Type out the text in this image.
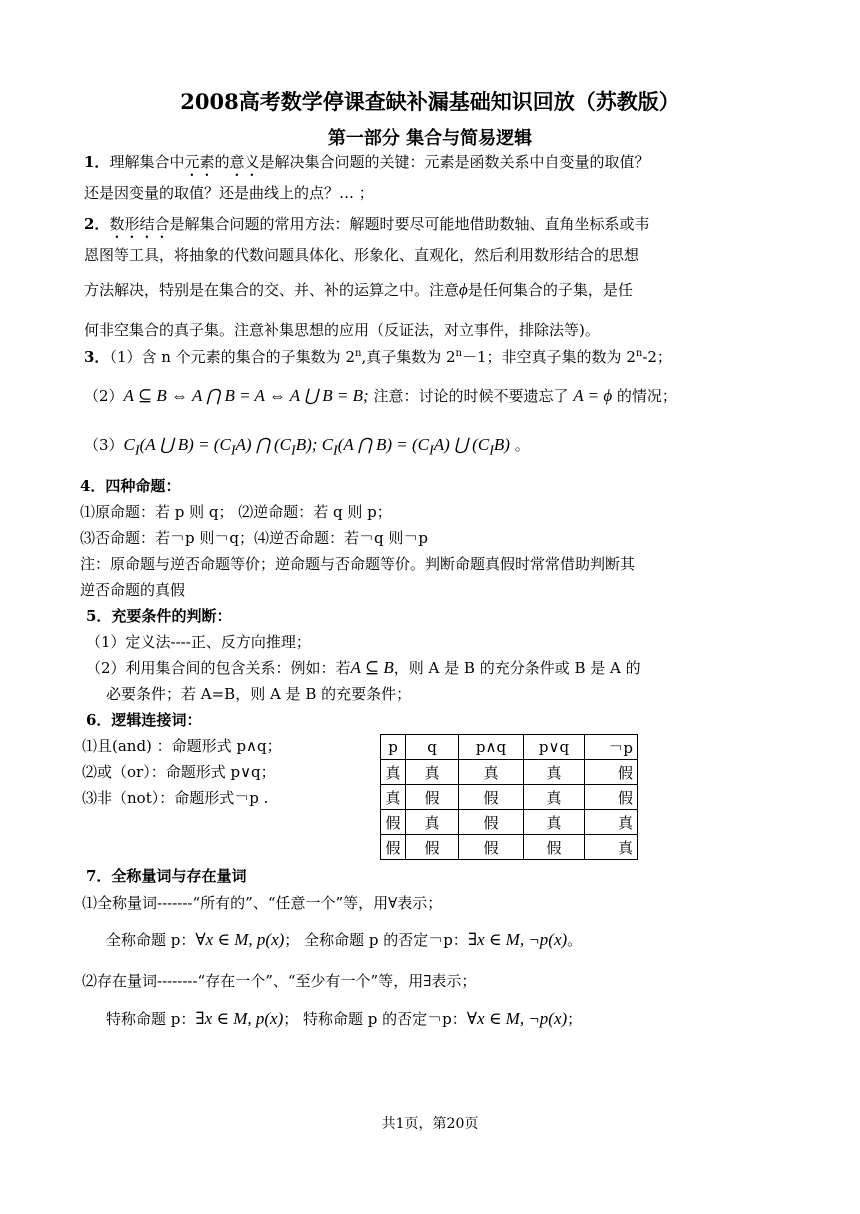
2008高考数学停课查缺补漏基础知识回放（苏教版）
第一部分 集合与简易逻辑
1．理解集合中元素的意义是解决集合问题的关键：元素是函数关系中自变量的取值？
还是因变量的取值？还是曲线上的点？… ；
2．数形结合是解集合问题的常用方法：解题时要尽可能地借助数轴、直角坐标系或韦
恩图等工具，将抽象的代数问题具体化、形象化、直观化，然后利用数形结合的思想
方法解决，特别是在集合的交、并、补的运算之中。注意ϕ是任何集合的子集，是任
何非空集合的真子集。注意补集思想的应用（反证法，对立事件，排除法等)。
3．（1）含 n 个元素的集合的子集数为 2$^n$,真子集数为 $2^n-1$；非空真子集的数为 2$^n$-2；
（2）A ⊆ B ⇔ A ⋂ B = A ⇔ A ⋃ B = B; 注意：讨论的时候不要遗忘了 A = ϕ 的情况；
$(3)C_I(A$ ⋃ $B) = (C_IA)$ ⋂ $(C_IB)$; $C_I(A$ ⋂ $B) = (C_IA)$ ⋃ $(C_IB)$ 。
4．四种命题：
⑴原命题：若 p 则 q； ⑵逆命题：若 q 则 p；
⑶否命题：若￢p 则￢q；⑷逆否命题：若￢q 则￢p
注：原命题与逆否命题等价；逆命题与否命题等价。判断命题真假时常常借助判断其
逆否命题的真假
5．充要条件的判断：
（1）定义法----正、反方向推理；
（2）利用集合间的包含关系：例如：若A ⊆ B，则 A 是 B 的充分条件或 B 是 A 的
必要条件；若 A=B，则 A 是 B 的充要条件；
6．逻辑连接词：
⑴且(and) ：命题形式 p∧q；
⑵或（or）：命题形式 p∨q；
⑶非（not）：命题形式￢p .
p	q	p∧q	p∨q	￢p
真	真	真	真	假
真	假	假	真	假
假	真	假	真	真
假	假	假	假	真
7．全称量词与存在量词
⑴全称量词-------“所有的”、“任意一个”等，用∀表示；
全称命题 p：∀x ∈ M, p(x)； 全称命题 p 的否定￢p：∃x ∈ M, ¬p(x)。
⑵存在量词--------“存在一个”、“至少有一个”等，用∃表示；
特称命题 p：∃x ∈ M, p(x)； 特称命题 p 的否定￢p：∀x ∈ M, ¬p(x)；
共1页，第20页
